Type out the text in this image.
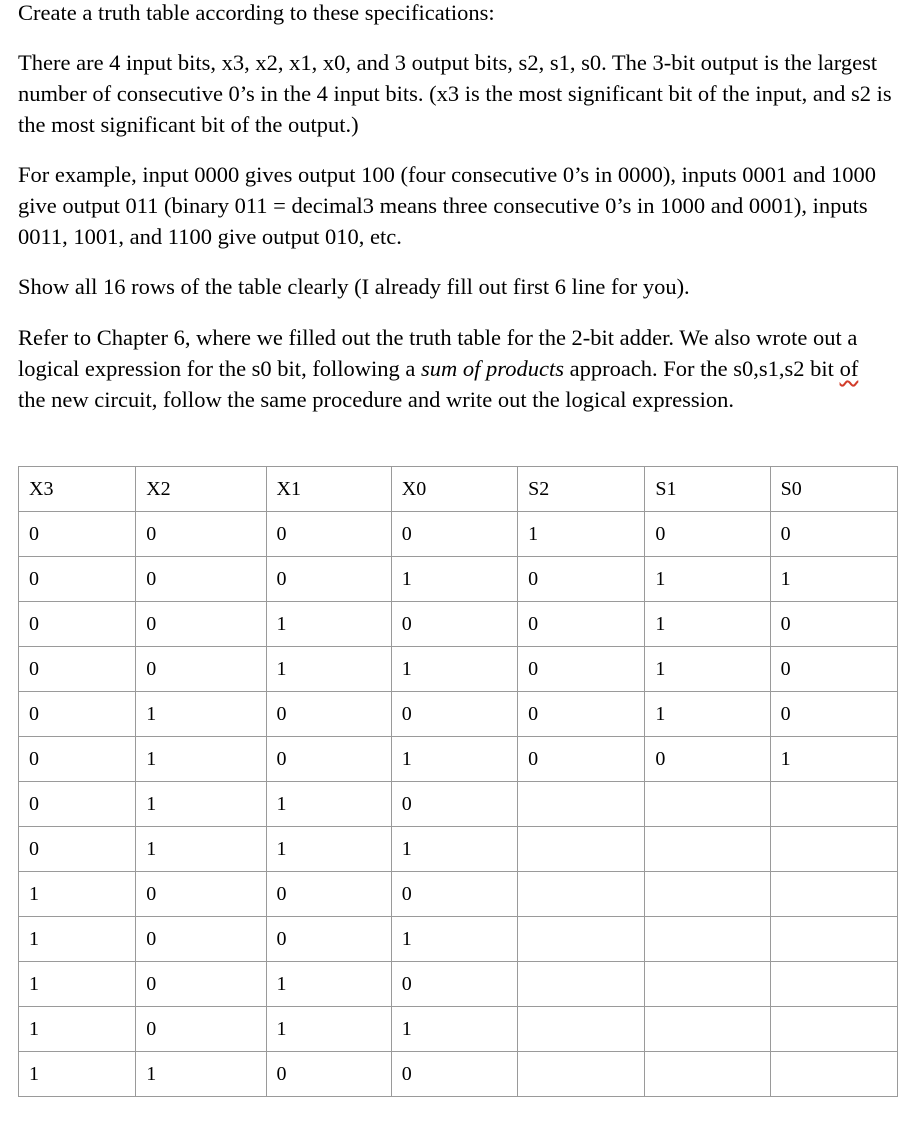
Create a truth table according to these specifications:

There are 4 input bits, x3, x2, x1, x0, and 3 output bits, s2, s1, s0. The 3-bit output is the largest number of consecutive 0’s in the 4 input bits. (x3 is the most significant bit of the input, and s2 is the most significant bit of the output.)

For example, input 0000 gives output 100 (four consecutive 0’s in 0000), inputs 0001 and 1000 give output 011 (binary 011 = decimal3 means three consecutive 0’s in 1000 and 0001), inputs 0011, 1001, and 1100 give output 010, etc.

Show all 16 rows of the table clearly (I already fill out first 6 line for you).

Refer to Chapter 6, where we filled out the truth table for the 2-bit adder. We also wrote out a logical expression for the s0 bit, following a sum of products approach. For the s0,s1,s2 bit of the new circuit, follow the same procedure and write out the logical expression.

X3	X2	X1	X0	S2	S1	S0
0	0	0	0	1	0	0
0	0	0	1	0	1	1
0	0	1	0	0	1	0
0	0	1	1	0	1	0
0	1	0	0	0	1	0
0	1	0	1	0	0	1
0	1	1	0			
0	1	1	1			
1	0	0	0			
1	0	0	1			
1	0	1	0			
1	0	1	1			
1	1	0	0			
